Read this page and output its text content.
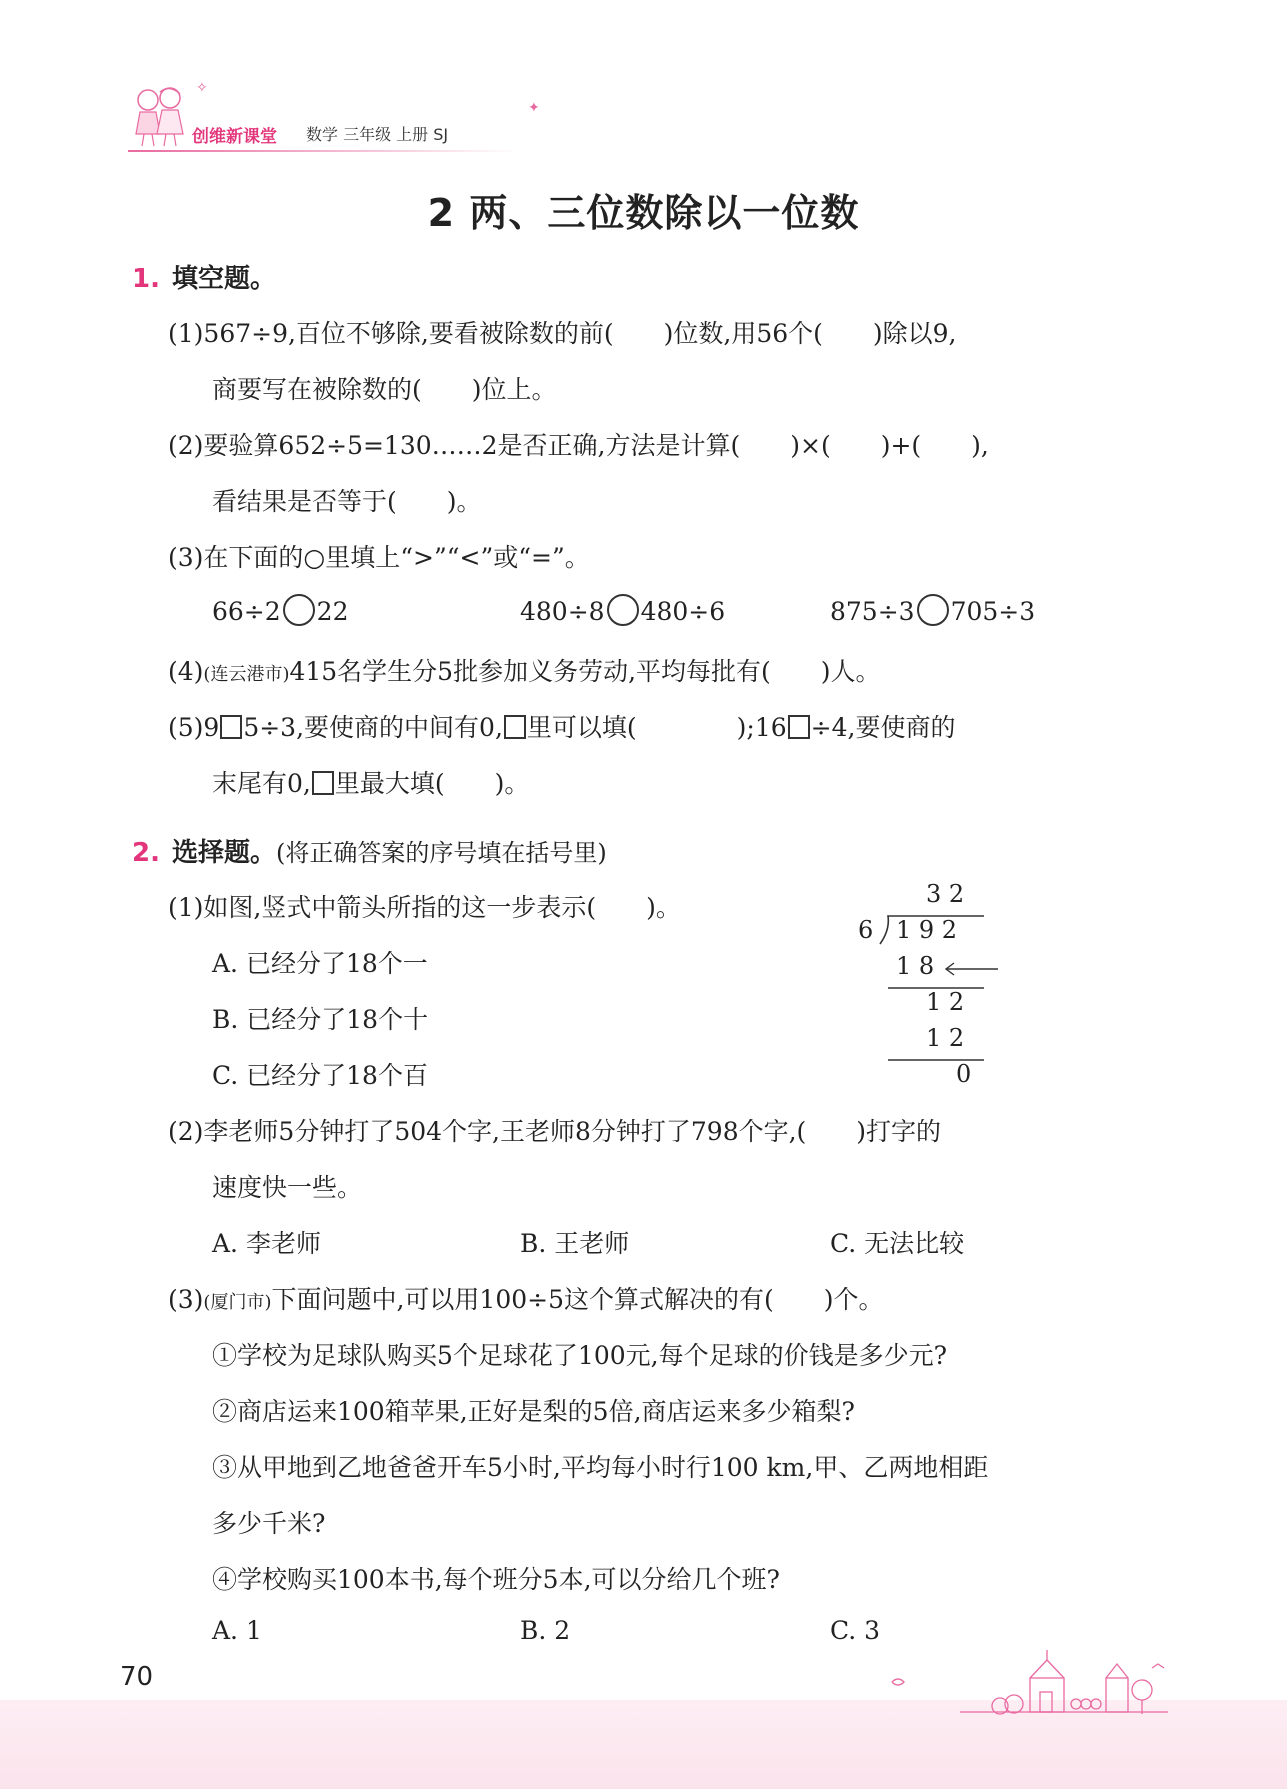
创维新课堂 数学 三年级 上册 SJ
✧
✦
2 两、三位数除以一位数
1. 填空题。
(1)567÷9,百位不够除,要看被除数的前(　　)位数,用56个(　　)除以9,
商要写在被除数的(　　)位上。
(2)要验算652÷5=130……2是否正确,方法是计算(　　)×(　　)+(　　),
看结果是否等于(　　)。
(3)在下面的○里填上“>”“<”或“=”。
66÷2 22	480÷8 480÷6	875÷3 705÷3
(4)(连云港市)415名学生分5批参加义务劳动,平均每批有(　　)人。
(5)9 5÷3,要使商的中间有0, 里可以填(　　　　);16 ÷4,要使商的
末尾有0, 里最大填(　　)。
2. 选择题。(将正确答案的序号填在括号里)
(1)如图,竖式中箭头所指的这一步表示(　　)。
A. 已经分了18个一
B. 已经分了18个十
C. 已经分了18个百
3 2
6 1 9 2
1 8
1 2
1 2
0
(2)李老师5分钟打了504个字,王老师8分钟打了798个字,(　　)打字的
速度快一些。
A. 李老师	B. 王老师	C. 无法比较
(3)(厦门市)下面问题中,可以用100÷5这个算式解决的有(　　)个。
①学校为足球队购买5个足球花了100元,每个足球的价钱是多少元?
②商店运来100箱苹果,正好是梨的5倍,商店运来多少箱梨?
③从甲地到乙地爸爸开车5小时,平均每小时行100 km,甲、乙两地相距
多少千米?
④学校购买100本书,每个班分5本,可以分给几个班?
A. 1	B. 2	C. 3
70
